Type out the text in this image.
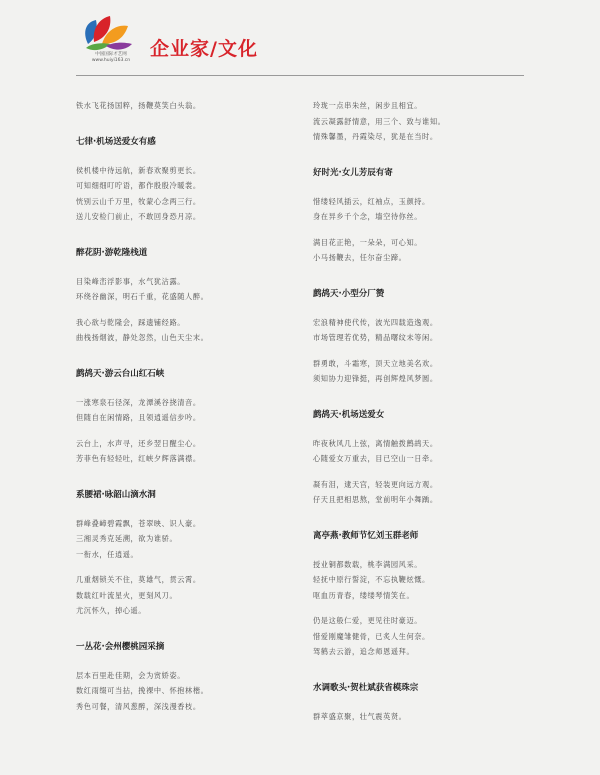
中国国际才艺网
www.huiyi163.cn
企业家/文化
铁水飞花扬国粹，扬鞭莫笑白头翁。
七律·机场送爱女有感
侯机楼中待远航，新春欢聚剪更长。
可知细细叮咛语，都作殷殷冷暖裳。
恍别云山千万里，牧蒙心念两三行。
送儿安检门前止，不敢回身恐月凉。
醉花阴·游乾隆栈道
目染峰峦浮影事，水气犹沾露。
环绕谷幽深，明石千重，花盛随人醉。
我心欲与乾隆会，踩遗铺经路。
曲栈扬烟波，静处忽然，山色天尘末。
鹧鸪天·游云台山红石峡
一涨寒泉石径深，龙潭溪谷挠清音。
但随自在闲情路，且领逍遥信步吟。
云台上，水声寻，还乡翌日醒尘心。
芳菲色有轻轻吐，红峡夕辉落满襟。
系腰裙·咏韶山滴水洞
群峰叠嶂碧霞飘，苍翠映、识人豪。
三湘灵秀克延溯，欲为谁骄。
一衔水，任逍遥。
几重烟锁关不住，莫雄气，贯云霄。
数载红叶流星火，更刻风刀。
尤沉怀久，掉心遥。
一丛花·会州樱桃园采摘
层本百里赴佳期，会为赏娇姿。
数红雨缀可当拈，挽裸中、怀抱林楷。
秀色可餐，清风葱醉，深浅漫香枝。
玲珑一点串朱丝，闲步且相宜。
流云凝露舒情意，用三个、致与谁知。
情殊馨墨，丹霞染尽，犹是在当时。
好时光·女儿芳辰有寄
惜缕轻风插云，红袖点，玉颜持。
身在异乡千个念，墙空待你丝。
满目花正艳，一朵朵，可心知。
小马扬鞭去，任尔奋尘蹄。
鹧鸪天·小型分厂赞
宏浪精神使代传，波光四载造逸观。
市场管理若优势，精品曙纹未等闲。
群勇敢，斗霜寒，顶天立地美名欢。
须知协力迎锋挺，再创辉煌风梦圆。
鹧鸪天·机场送爱女
昨夜秋风几上弦，离情触拨鹧鸪天。
心随爱女万重去，目已空山一日牵。
凝有泪，逮天宫，轻装更向远方观。
仔天且把相思熬，堂前明年小舞踽。
离亭燕·教师节忆刘玉群老师
授业铜都数载，桃李满园风采。
轻抚中原行誓淀，不忘执鞭炫慨。
呕血历青春，缕缕琴情笑在。
仍是这般仁爱，更见往时豪迈。
惜爱刚魔雏健骨，已炙人生何奈。
驾鹤去云游，追念师恩遥拜。
水调歌头·贺杜斌获省模珠宗
群萃盛京聚，壮气震英贤。
